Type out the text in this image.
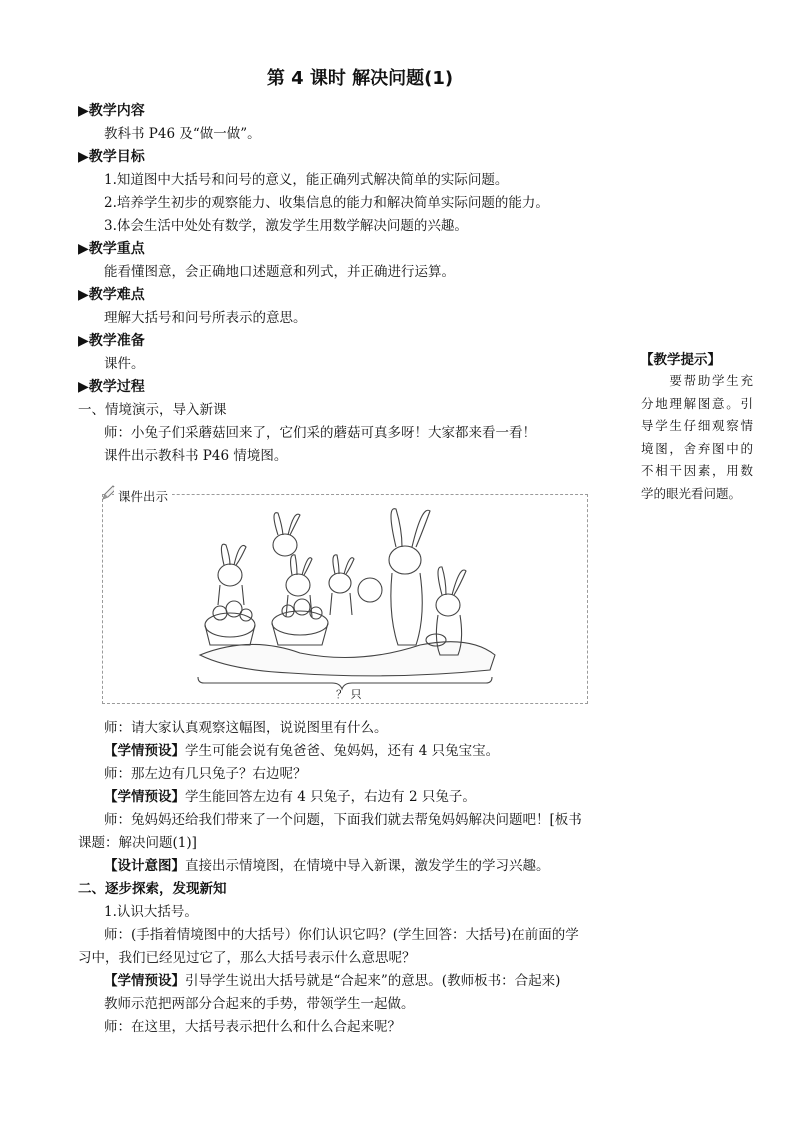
第 4 课时 解决问题(1)
▶教学内容
教科书 P46 及“做一做”。
▶教学目标
1.知道图中大括号和问号的意义，能正确列式解决简单的实际问题。
2.培养学生初步的观察能力、收集信息的能力和解决简单实际问题的能力。
3.体会生活中处处有数学，激发学生用数学解决问题的兴趣。
▶教学重点
能看懂图意，会正确地口述题意和列式，并正确进行运算。
▶教学难点
理解大括号和问号所表示的意思。
▶教学准备
课件。
▶教学过程
一、情境演示，导入新课
师：小兔子们采蘑菇回来了，它们采的蘑菇可真多呀！大家都来看一看！
课件出示教科书 P46 情境图。
【教学提示】
　　要帮助学生充分地理解图意。引导学生仔细观察情境图，舍弃图中的不相干因素，用数学的眼光看问题。
课件出示
？ 只
师：请大家认真观察这幅图，说说图里有什么。
【学情预设】学生可能会说有兔爸爸、兔妈妈，还有 4 只兔宝宝。
师：那左边有几只兔子？右边呢？
【学情预设】学生能回答左边有 4 只兔子，右边有 2 只兔子。
师：兔妈妈还给我们带来了一个问题，下面我们就去帮兔妈妈解决问题吧！[板书
课题：解决问题(1)]
【设计意图】直接出示情境图，在情境中导入新课，激发学生的学习兴趣。
二、逐步探索，发现新知
1.认识大括号。
师：(手指着情境图中的大括号）你们认识它吗？(学生回答：大括号)在前面的学
习中，我们已经见过它了，那么大括号表示什么意思呢？
【学情预设】引导学生说出大括号就是“合起来”的意思。(教师板书：合起来)
教师示范把两部分合起来的手势，带领学生一起做。
师：在这里，大括号表示把什么和什么合起来呢？
